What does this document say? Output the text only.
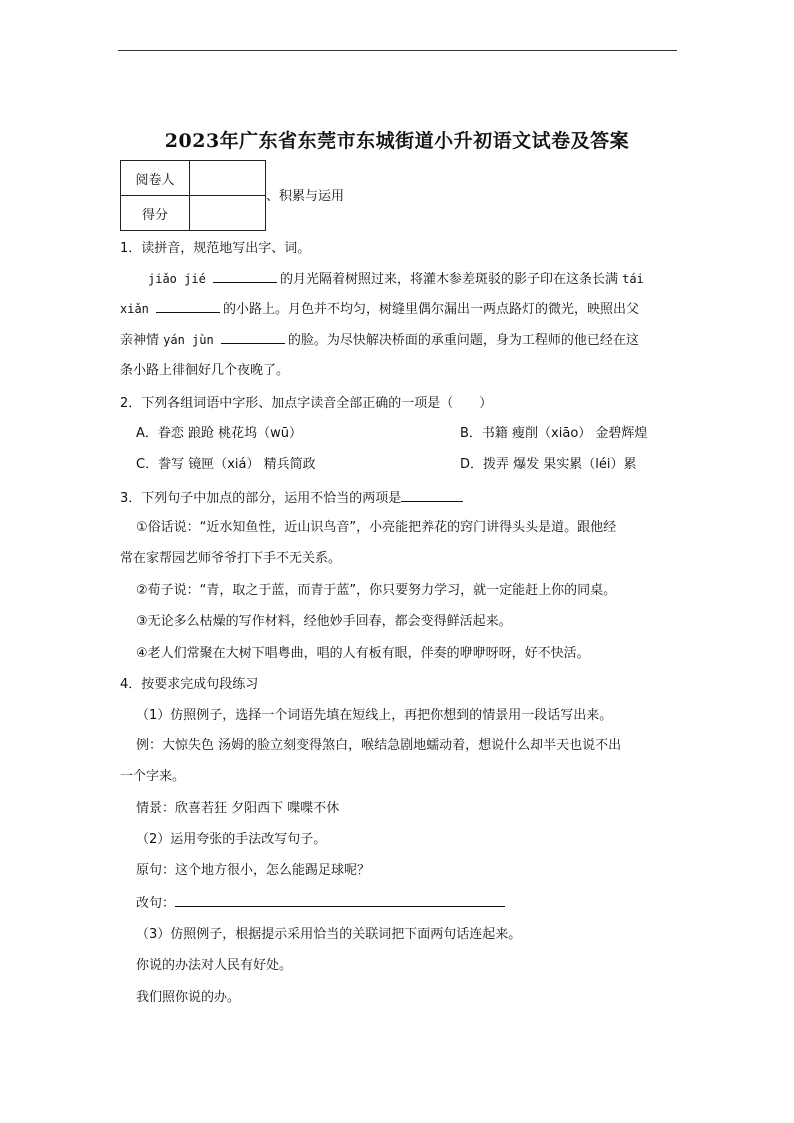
2023年广东省东莞市东城街道小升初语文试卷及答案
阅卷人	
得分	
、积累与运用
1．读拼音，规范地写出字、词。
jiǎo jié	的月光隔着树照过来，将灌木参差斑驳的影子印在这条长满 tái
xiǎn	的小路上。月色并不均匀，树缝里偶尔漏出一两点路灯的微光，映照出父
亲神情 yán jùn	的脸。为尽快解决桥面的承重问题，身为工程师的他已经在这
条小路上徘徊好几个夜晚了。
2．下列各组词语中字形、加点字读音全部正确的一项是（　　）
A．眷恋 踉跄 桃花坞（wū）	B．书籍 瘦削（xiāo） 金碧辉煌
C．誊写 镜匣（xiá） 精兵简政	D．拨弄 爆发 果实累（léi）累
3．下列句子中加点的部分，运用不恰当的两项是
①俗话说：“近水知鱼性，近山识鸟音”，小亮能把养花的窍门讲得头头是道。跟他经
常在家帮园艺师爷爷打下手不无关系。
②荀子说：“青，取之于蓝，而青于蓝”，你只要努力学习，就一定能赶上你的同桌。
③无论多么枯燥的写作材料，经他妙手回春，都会变得鲜活起来。
④老人们常聚在大树下唱粤曲，唱的人有板有眼，伴奏的咿咿呀呀，好不快活。
4．按要求完成句段练习
（1）仿照例子，选择一个词语先填在短线上，再把你想到的情景用一段话写出来。
例：大惊失色 汤姆的脸立刻变得煞白，喉结急剧地蠕动着，想说什么却半天也说不出
一个字来。
情景：欣喜若狂 夕阳西下 喋喋不休
（2）运用夸张的手法改写句子。
原句：这个地方很小，怎么能踢足球呢？
改句：
（3）仿照例子，根据提示采用恰当的关联词把下面两句话连起来。
你说的办法对人民有好处。
我们照你说的办。
